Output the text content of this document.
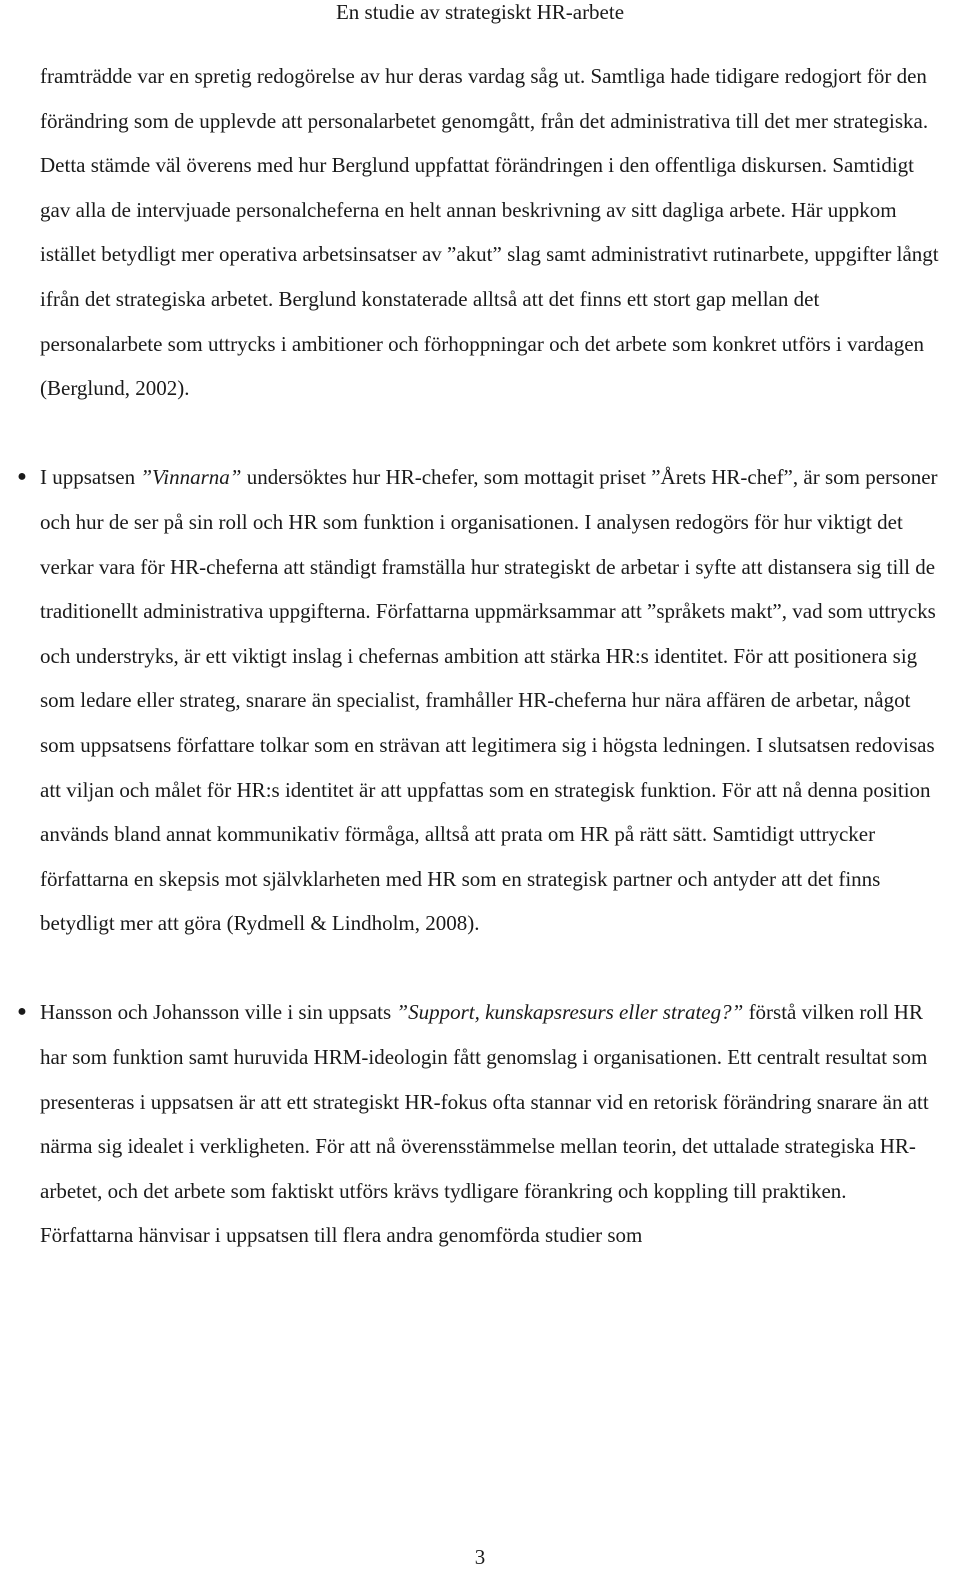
En studie av strategiskt HR-arbete

framträdde var en spretig redogörelse av hur deras vardag såg ut. Samtliga hade tidigare redogjort för den förändring som de upplevde att personalarbetet genomgått, från det administrativa till det mer strategiska. Detta stämde väl överens med hur Berglund uppfattat förändringen i den offentliga diskursen. Samtidigt gav alla de intervjuade personalcheferna en helt annan beskrivning av sitt dagliga arbete. Här uppkom istället betydligt mer operativa arbetsinsatser av ”akut” slag samt administrativt rutinarbete, uppgifter långt ifrån det strategiska arbetet. Berglund konstaterade alltså att det finns ett stort gap mellan det personalarbete som uttrycks i ambitioner och förhoppningar och det arbete som konkret utförs i vardagen (Berglund, 2002).

● I uppsatsen ”Vinnarna” undersöktes hur HR-chefer, som mottagit priset ”Årets HR-chef”, är som personer och hur de ser på sin roll och HR som funktion i organisationen. I analysen redogörs för hur viktigt det verkar vara för HR-cheferna att ständigt framställa hur strategiskt de arbetar i syfte att distansera sig till de traditionellt administrativa uppgifterna. Författarna uppmärksammar att ”språkets makt”, vad som uttrycks och understryks, är ett viktigt inslag i chefernas ambition att stärka HR:s identitet. För att positionera sig som ledare eller strateg, snarare än specialist, framhåller HR-cheferna hur nära affären de arbetar, något som uppsatsens författare tolkar som en strävan att legitimera sig i högsta ledningen. I slutsatsen redovisas att viljan och målet för HR:s identitet är att uppfattas som en strategisk funktion. För att nå denna position används bland annat kommunikativ förmåga, alltså att prata om HR på rätt sätt. Samtidigt uttrycker författarna en skepsis mot självklarheten med HR som en strategisk partner och antyder att det finns betydligt mer att göra (Rydmell & Lindholm, 2008).
● Hansson och Johansson ville i sin uppsats ”Support, kunskapsresurs eller strateg?” förstå vilken roll HR har som funktion samt huruvida HRM-ideologin fått genomslag i organisationen. Ett centralt resultat som presenteras i uppsatsen är att ett strategiskt HR-fokus ofta stannar vid en retorisk förändring snarare än att närma sig idealet i verkligheten. För att nå överensstämmelse mellan teorin, det uttalade strategiska HR-arbetet, och det arbete som faktiskt utförs krävs tydligare förankring och koppling till praktiken. Författarna hänvisar i uppsatsen till flera andra genomförda studier som
3
